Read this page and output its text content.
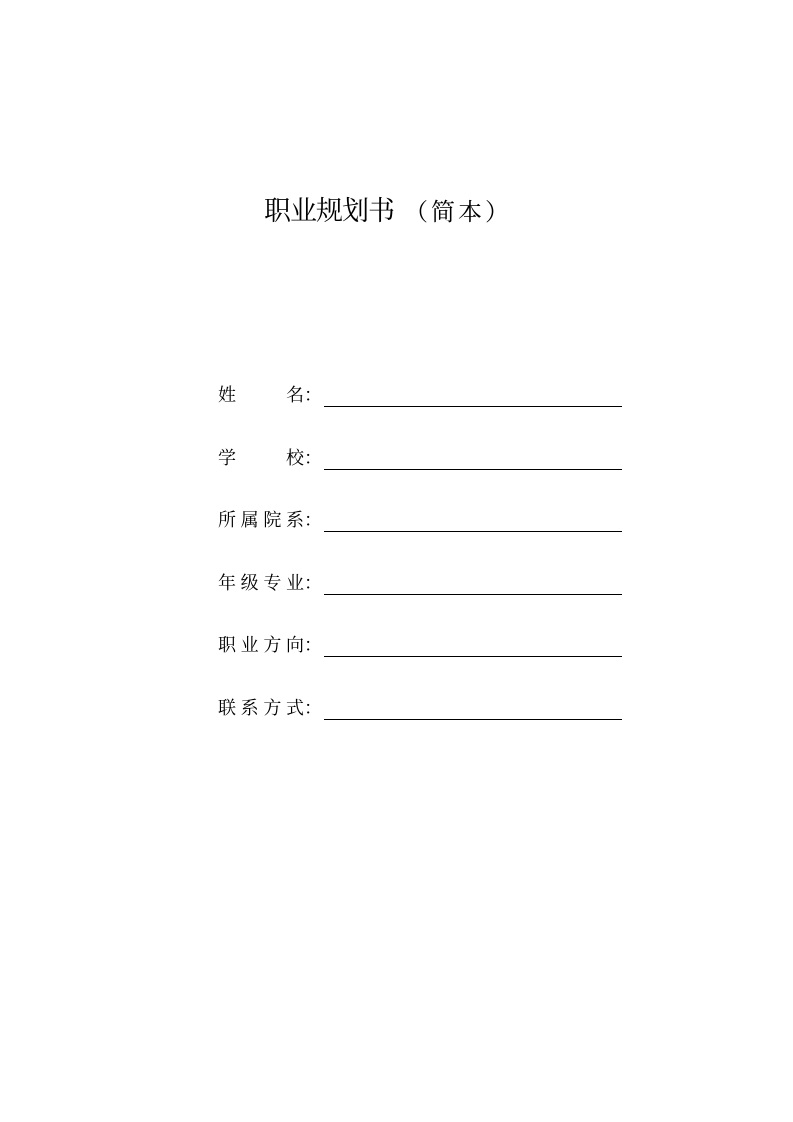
职业规划书 （简本）
姓	名：
学	校：
所 属 院 系：
年 级 专 业：
职 业 方 向：
联 系 方 式：
